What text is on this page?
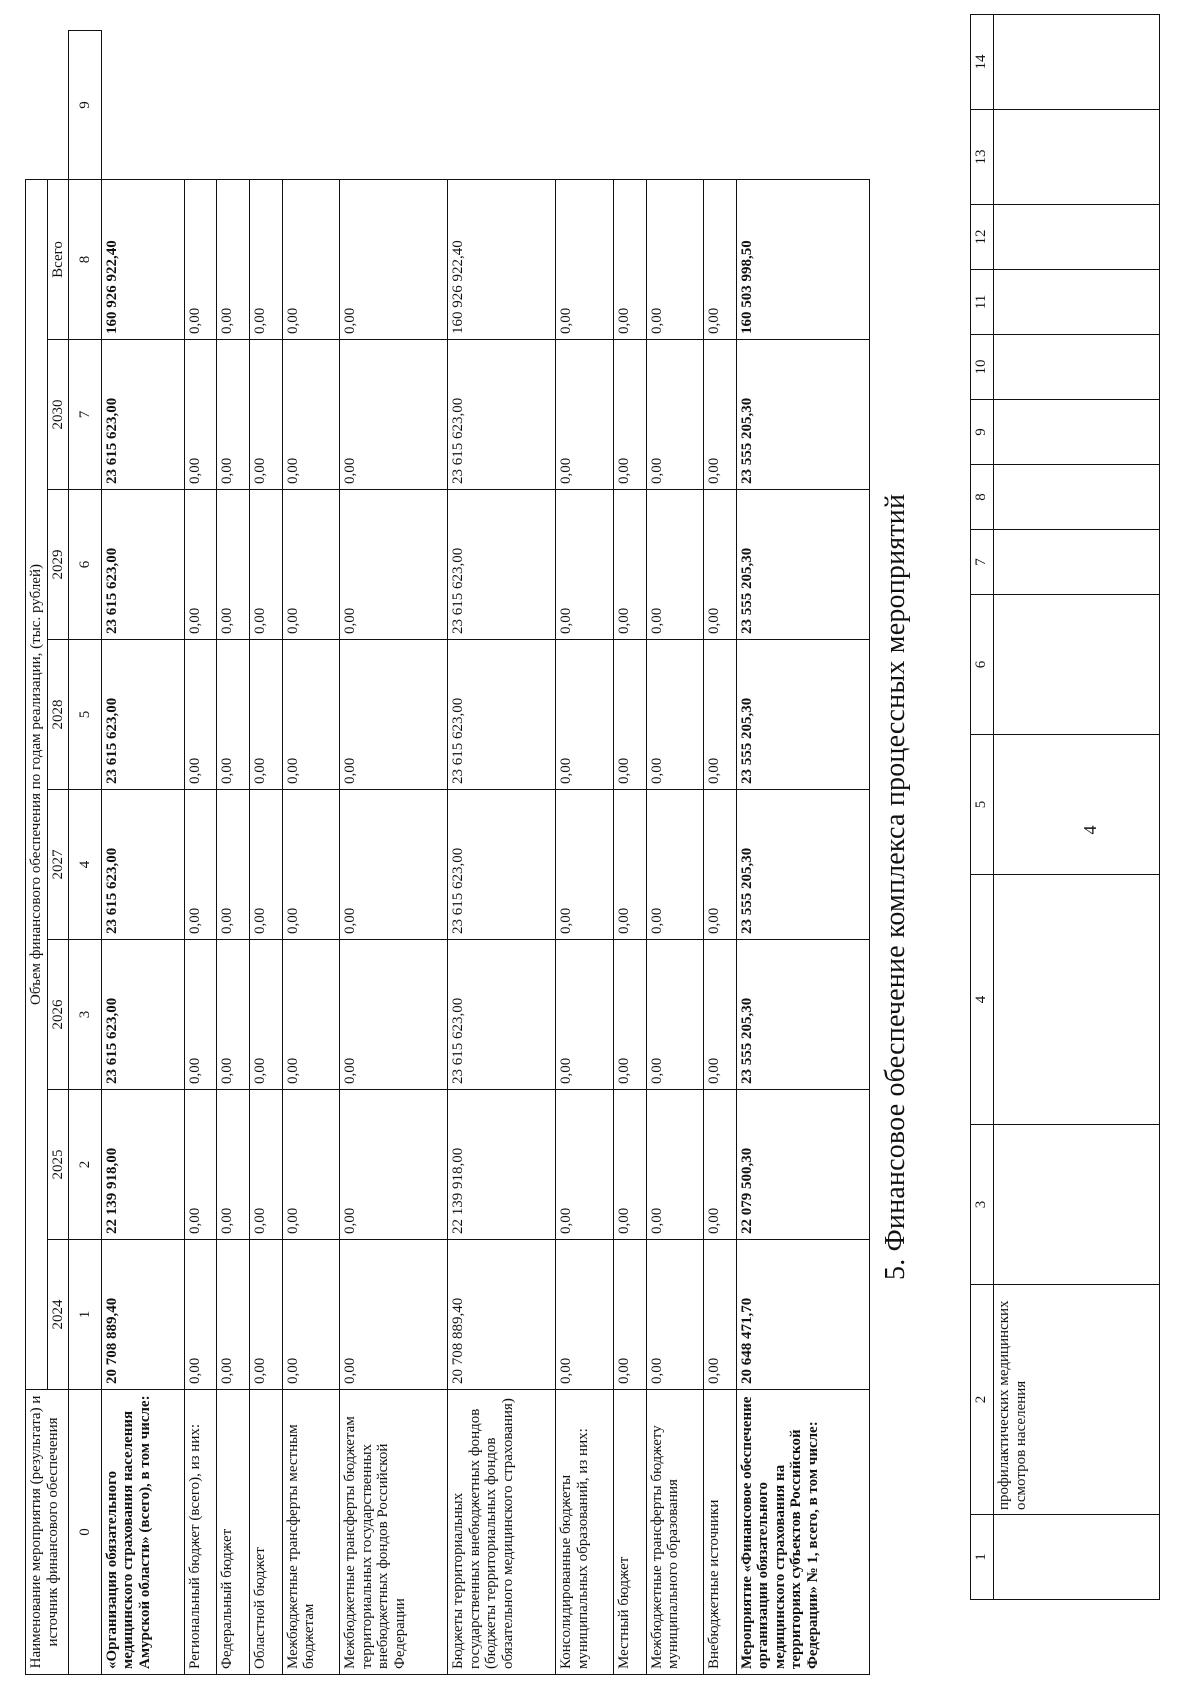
Наименование мероприятия (результата) и источник финансового обеспечения	Объем финансового обеспечения по годам реализации, (тыс. рублей)								
	2024	2025	2026	2027	2028	2029	2030	Всего	
0	1	2	3	4	5	6	7	8	9
«Организация обязательного медицинского страхования населения Амурской области» (всего), в том числе:	20 708 889,40	22 139 918,00	23 615 623,00	23 615 623,00	23 615 623,00	23 615 623,00	23 615 623,00	160 926 922,40	
Региональный бюджет (всего), из них:	0,00	0,00	0,00	0,00	0,00	0,00	0,00	0,00	
Федеральный бюджет	0,00	0,00	0,00	0,00	0,00	0,00	0,00	0,00	
Областной бюджет	0,00	0,00	0,00	0,00	0,00	0,00	0,00	0,00	
Межбюджетные трансферты местным бюджетам	0,00	0,00	0,00	0,00	0,00	0,00	0,00	0,00	
Межбюджетные трансферты бюджетам территориальных государственных внебюджетных фондов Российской Федерации	0,00	0,00	0,00	0,00	0,00	0,00	0,00	0,00	
Бюджеты территориальных государственных внебюджетных фондов (бюджеты территориальных фондов обязательного медицинского страхования)	20 708 889,40	22 139 918,00	23 615 623,00	23 615 623,00	23 615 623,00	23 615 623,00	23 615 623,00	160 926 922,40	
Консолидированные бюджеты муниципальных образований, из них:	0,00	0,00	0,00	0,00	0,00	0,00	0,00	0,00	
Местный бюджет	0,00	0,00	0,00	0,00	0,00	0,00	0,00	0,00	
Межбюджетные трансферты бюджету муниципального образования	0,00	0,00	0,00	0,00	0,00	0,00	0,00	0,00	
Внебюджетные источники	0,00	0,00	0,00	0,00	0,00	0,00	0,00	0,00	
Мероприятие «Финансовое обеспечение организации обязательного медицинского страхования на территориях субъектов Российской Федерации» № 1, всего, в том числе:	20 648 471,70	22 079 500,30	23 555 205,30	23 555 205,30	23 555 205,30	23 555 205,30	23 555 205,30	160 503 998,50	
5. Финансовое обеспечение комплекса процессных мероприятий
1	2	3	4	5	6	7	8	9	10	11	12	13	14
	профилактических медицинских осмотров населения												
4
